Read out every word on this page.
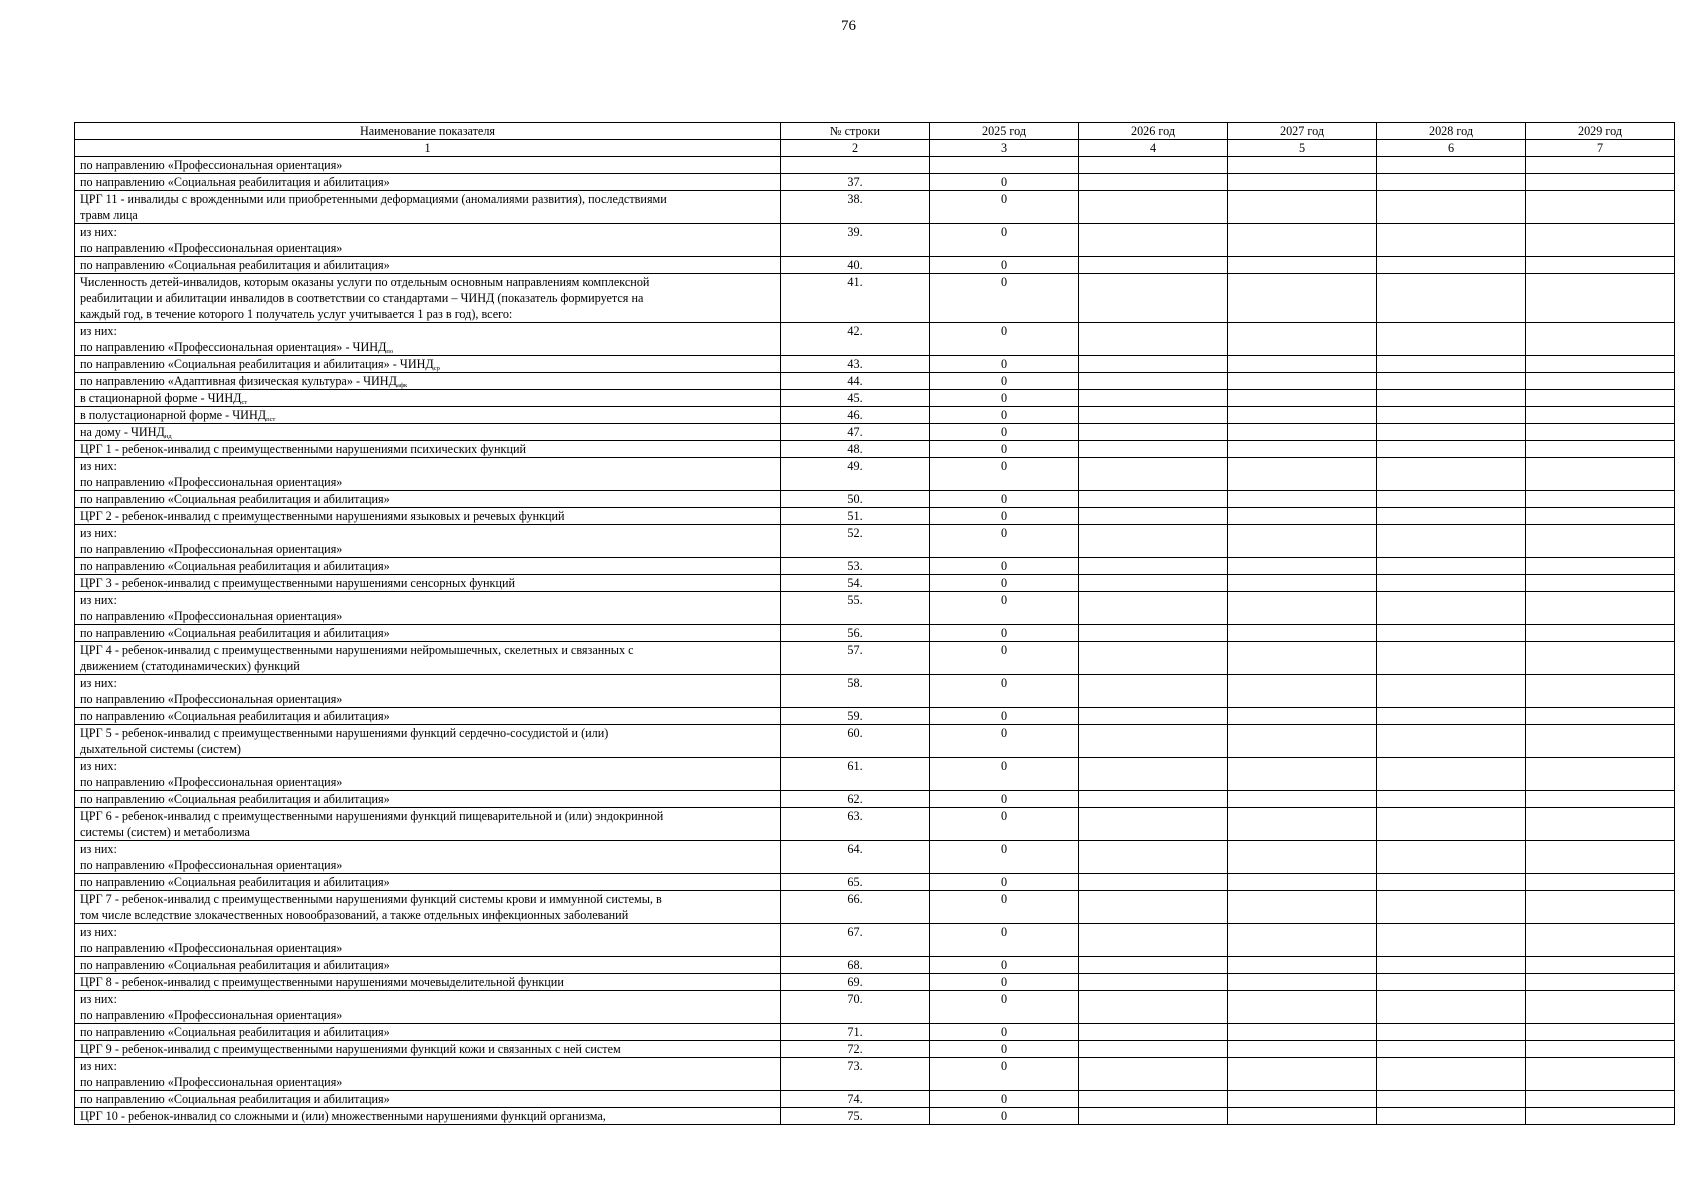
76
Наименование показателя	№ строки	2025 год	2026 год	2027 год	2028 год	2029 год
1	2	3	4	5	6	7
по направлению «Профессиональная ориентация»						
по направлению «Социальная реабилитация и абилитация»	37.	0				
ЦРГ 11 - инвалиды с врожденными или приобретенными деформациями (аномалиями развития), последствиями
травм лица	38.	0				
из них:
по направлению «Профессиональная ориентация»	39.	0				
по направлению «Социальная реабилитация и абилитация»	40.	0				
Численность детей-инвалидов, которым оказаны услуги по отдельным основным направлениям комплексной
реабилитации и абилитации инвалидов в соответствии со стандартами – ЧИНД (показатель формируется на
каждый год, в течение которого 1 получатель услуг учитывается 1 раз в год), всего:	41.	0				
из них:
по направлению «Профессиональная ориентация» - $ЧИНД_{по}$	42.	0				
по направлению «Социальная реабилитация и абилитация» - $ЧИНД_{ср}$	43.	0				
по направлению «Адаптивная физическая культура» - $ЧИНД_{афк}$	44.	0				
в стационарной форме - $ЧИНД_{ст}$	45.	0				
в полустационарной форме - $ЧИНД_{пст}$	46.	0				
на дому - $ЧИНД_{нд}$	47.	0				
ЦРГ 1 - ребенок-инвалид с преимущественными нарушениями психических функций	48.	0				
из них:
по направлению «Профессиональная ориентация»	49.	0				
по направлению «Социальная реабилитация и абилитация»	50.	0				
ЦРГ 2 - ребенок-инвалид с преимущественными нарушениями языковых и речевых функций	51.	0				
из них:
по направлению «Профессиональная ориентация»	52.	0				
по направлению «Социальная реабилитация и абилитация»	53.	0				
ЦРГ 3 - ребенок-инвалид с преимущественными нарушениями сенсорных функций	54.	0				
из них:
по направлению «Профессиональная ориентация»	55.	0				
по направлению «Социальная реабилитация и абилитация»	56.	0				
ЦРГ 4 - ребенок-инвалид с преимущественными нарушениями нейромышечных, скелетных и связанных с
движением (статодинамических) функций	57.	0				
из них:
по направлению «Профессиональная ориентация»	58.	0				
по направлению «Социальная реабилитация и абилитация»	59.	0				
ЦРГ 5 - ребенок-инвалид с преимущественными нарушениями функций сердечно-сосудистой и (или)
дыхательной системы (систем)	60.	0				
из них:
по направлению «Профессиональная ориентация»	61.	0				
по направлению «Социальная реабилитация и абилитация»	62.	0				
ЦРГ 6 - ребенок-инвалид с преимущественными нарушениями функций пищеварительной и (или) эндокринной
системы (систем) и метаболизма	63.	0				
из них:
по направлению «Профессиональная ориентация»	64.	0				
по направлению «Социальная реабилитация и абилитация»	65.	0				
ЦРГ 7 - ребенок-инвалид с преимущественными нарушениями функций системы крови и иммунной системы, в
том числе вследствие злокачественных новообразований, а также отдельных инфекционных заболеваний	66.	0				
из них:
по направлению «Профессиональная ориентация»	67.	0				
по направлению «Социальная реабилитация и абилитация»	68.	0				
ЦРГ 8 - ребенок-инвалид с преимущественными нарушениями мочевыделительной функции	69.	0				
из них:
по направлению «Профессиональная ориентация»	70.	0				
по направлению «Социальная реабилитация и абилитация»	71.	0				
ЦРГ 9 - ребенок-инвалид с преимущественными нарушениями функций кожи и связанных с ней систем	72.	0				
из них:
по направлению «Профессиональная ориентация»	73.	0				
по направлению «Социальная реабилитация и абилитация»	74.	0				
ЦРГ 10 - ребенок-инвалид со сложными и (или) множественными нарушениями функций организма,	75.	0				
